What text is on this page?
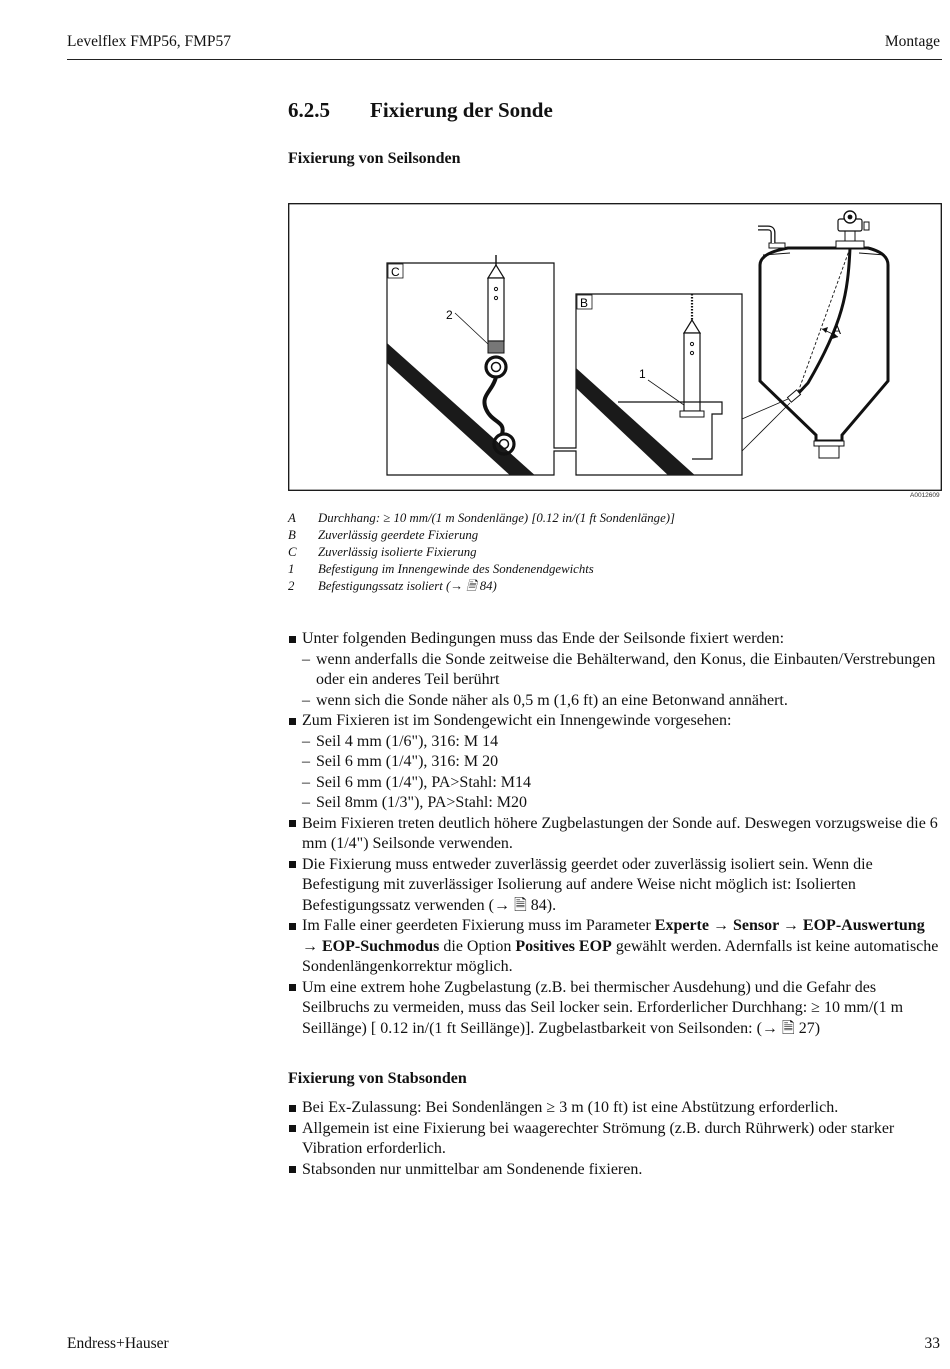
Levelflex FMP56, FMP57	Montage
6.2.5 Fixierung der Sonde
Fixierung von Seilsonden
C
2
B
1
A
A0012609
A	Durchhang: ≥ 10 mm/(1 m Sondenlänge) [0.12 in/(1 ft Sondenlänge)]
B	Zuverlässig geerdete Fixierung
C	Zuverlässig isolierte Fixierung
1	Befestigung im Innengewinde des Sondenendgewichts
2	Befestigungssatz isoliert (→ 🗎 84)
Unter folgenden Bedingungen muss das Ende der Seilsonde fixiert werden:
– wenn anderfalls die Sonde zeitweise die Behälterwand, den Konus, die Einbauten/Verstrebungen oder ein anderes Teil berührt
– wenn sich die Sonde näher als 0,5 m (1,6 ft) an eine Betonwand annähert.
Zum Fixieren ist im Sondengewicht ein Innengewinde vorgesehen:
– Seil 4 mm (1/6"), 316: M 14
– Seil 6 mm (1/4"), 316: M 20
– Seil 6 mm (1/4"), PA>Stahl: M14
– Seil 8mm (1/3"), PA>Stahl: M20
Beim Fixieren treten deutlich höhere Zugbelastungen der Sonde auf. Deswegen vorzugsweise die 6 mm (1/4") Seilsonde verwenden.
Die Fixierung muss entweder zuverlässig geerdet oder zuverlässig isoliert sein. Wenn die Befestigung mit zuverlässiger Isolierung auf andere Weise nicht möglich ist: Isolierten Befestigungssatz verwenden (→ 🗎 84).
Im Falle einer geerdeten Fixierung muss im Parameter Experte → Sensor → EOP-Auswertung → EOP-Suchmodus die Option Positives EOP gewählt werden. Adernfalls ist keine automatische Sondenlängenkorrektur möglich.
Um eine extrem hohe Zugbelastung (z.B. bei thermischer Ausdehung) und die Gefahr des Seilbruchs zu vermeiden, muss das Seil locker sein. Erforderlicher Durchhang: ≥ 10 mm/(1 m Seillänge) [ 0.12 in/(1 ft Seillänge)]. Zugbelastbarkeit von Seilsonden: (→ 🗎 27)
Fixierung von Stabsonden
Bei Ex-Zulassung: Bei Sondenlängen ≥ 3 m (10 ft) ist eine Abstützung erforderlich.
Allgemein ist eine Fixierung bei waagerechter Strömung (z.B. durch Rührwerk) oder starker Vibration erforderlich.
Stabsonden nur unmittelbar am Sondenende fixieren.
Endress+Hauser	33
